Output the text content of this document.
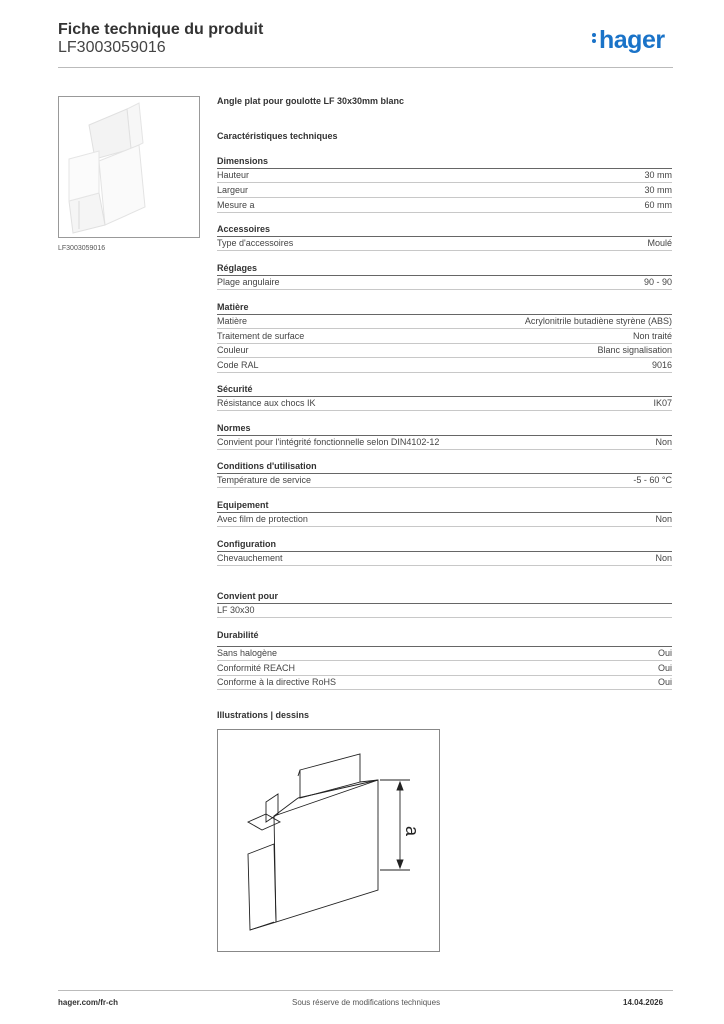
Fiche technique du produit
LF3003059016	hager
LF3003059016
Angle plat pour goulotte LF 30x30mm blanc
Caractéristiques techniques
Dimensions
Hauteur	30 mm
Largeur	30 mm
Mesure a	60 mm
Accessoires
Type d'accessoires	Moulé
Réglages
Plage angulaire	90 - 90
Matière
Matière	Acrylonitrile butadiène styrène (ABS)
Traitement de surface	Non traité
Couleur	Blanc signalisation
Code RAL	9016
Sécurité
Résistance aux chocs IK	IK07
Normes
Convient pour l'intégrité fonctionnelle selon DIN4102-12	Non
Conditions d'utilisation
Température de service	-5 - 60 °C
Equipement
Avec film de protection	Non
Configuration
Chevauchement	Non
Convient pour
LF 30x30
Durabilité
Sans halogène	Oui
Conformité REACH	Oui
Conforme à la directive RoHS	Oui
Illustrations | dessins
a
hager.com/fr-ch	Sous réserve de modifications techniques	14.04.2026
